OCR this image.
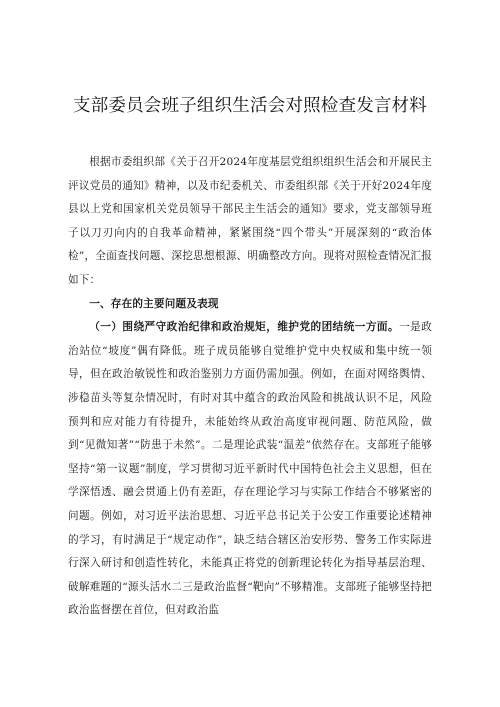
支部委员会班子组织生活会对照检查发言材料

根据市委组织部《关于召开2024年度基层党组织组织生活会和开展民主评议党员的通知》精神，以及市纪委机关、市委组织部《关于开好2024年度县以上党和国家机关党员领导干部民主生活会的通知》要求，党支部领导班子以刀刃向内的自我革命精神，紧紧围绕“四个带头”开展深刻的“政治体检”，全面查找问题、深挖思想根源、明确整改方向。现将对照检查情况汇报如下：

一、存在的主要问题及表现

（一）围绕严守政治纪律和政治规矩，维护党的团结统一方面。一是政治站位“坡度”偶有降低。班子成员能够自觉维护党中央权威和集中统一领导，但在政治敏锐性和政治鉴别力方面仍需加强。例如，在面对网络舆情、涉稳苗头等复杂情况时，有时对其中蕴含的政治风险和挑战认识不足，风险预判和应对能力有待提升，未能始终从政治高度审视问题、防范风险，做到“见微知著”“防患于未然”。二是理论武装“温差”依然存在。支部班子能够坚持“第一议题”制度，学习贯彻习近平新时代中国特色社会主义思想，但在学深悟透、融会贯通上仍有差距，存在理论学习与实际工作结合不够紧密的问题。例如，对习近平法治思想、习近平总书记关于公安工作重要论述精神的学习，有时满足于“规定动作”，缺乏结合辖区治安形势、警务工作实际进行深入研讨和创造性转化，未能真正将党的创新理论转化为指导基层治理、破解难题的“源头活水二三是政治监督“靶向”不够精准。支部班子能够坚持把政治监督摆在首位，但对政治监
